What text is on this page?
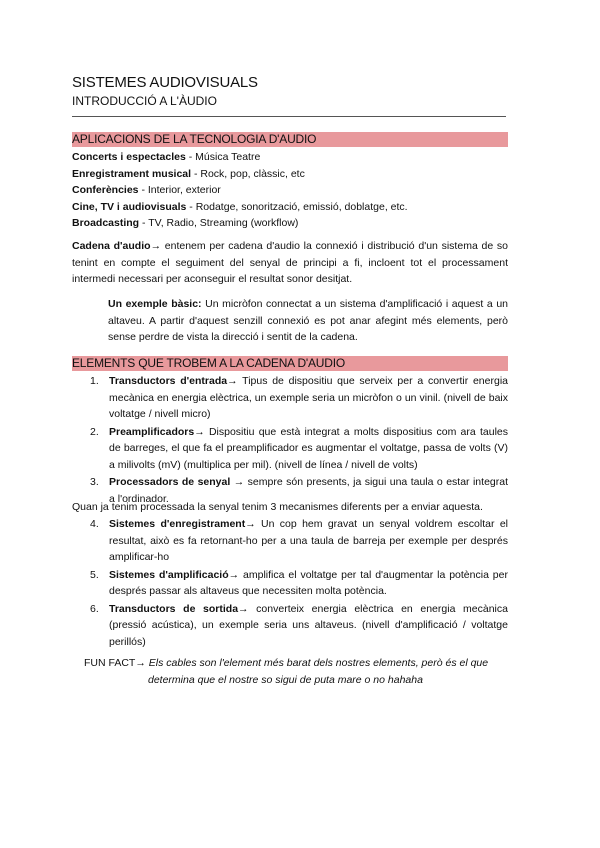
SISTEMES AUDIOVISUALS
INTRODUCCIÓ A L'ÀUDIO
APLICACIONS DE LA TECNOLOGIA D'AUDIO
Concerts i espectacles - Música Teatre
Enregistrament musical - Rock, pop, clàssic, etc
Conferències - Interior, exterior
Cine, TV i audiovisuals - Rodatge, sonorització, emissió, doblatge, etc.
Broadcasting - TV, Radio, Streaming (workflow)
Cadena d'audio→ entenem per cadena d'audio la connexió i distribució d'un sistema de so tenint en compte el seguiment del senyal de principi a fi, incloent tot el processament intermedi necessari per aconseguir el resultat sonor desitjat.
Un exemple bàsic: Un micròfon connectat a un sistema d'amplificació i aquest a un altaveu. A partir d'aquest senzill connexió es pot anar afegint més elements, però sense perdre de vista la direcció i sentit de la cadena.
ELEMENTS QUE TROBEM A LA CADENA D'AUDIO
1. Transductors d'entrada→ Tipus de dispositiu que serveix per a convertir energia mecànica en energia elèctrica, un exemple seria un micròfon o un vinil. (nivell de baix voltatge / nivell micro)
2. Preamplificadors→ Dispositiu que està integrat a molts dispositius com ara taules de barreges, el que fa el preamplificador es augmentar el voltatge, passa de volts (V) a milivolts (mV) (multiplica per mil). (nivell de línea / nivell de volts)
3. Processadors de senyal → sempre són presents, ja sigui una taula o estar integrat a l'ordinador.
Quan ja tenim processada la senyal tenim 3 mecanismes diferents per a enviar aquesta.
4. Sistemes d'enregistrament→ Un cop hem gravat un senyal voldrem escoltar el resultat, això es fa retornant-ho per a una taula de barreja per exemple per després amplificar-ho
5. Sistemes d'amplificació→ amplifica el voltatge per tal d'augmentar la potència per després passar als altaveus que necessiten molta potència.
6. Transductors de sortida→ converteix energia elèctrica en energia mecànica (pressió acústica), un exemple seria uns altaveus. (nivell d'amplificació / voltatge perillós)
FUN FACT→ Els cables son l'element més barat dels nostres elements, però és el que
determina que el nostre so sigui de puta mare o no hahaha
